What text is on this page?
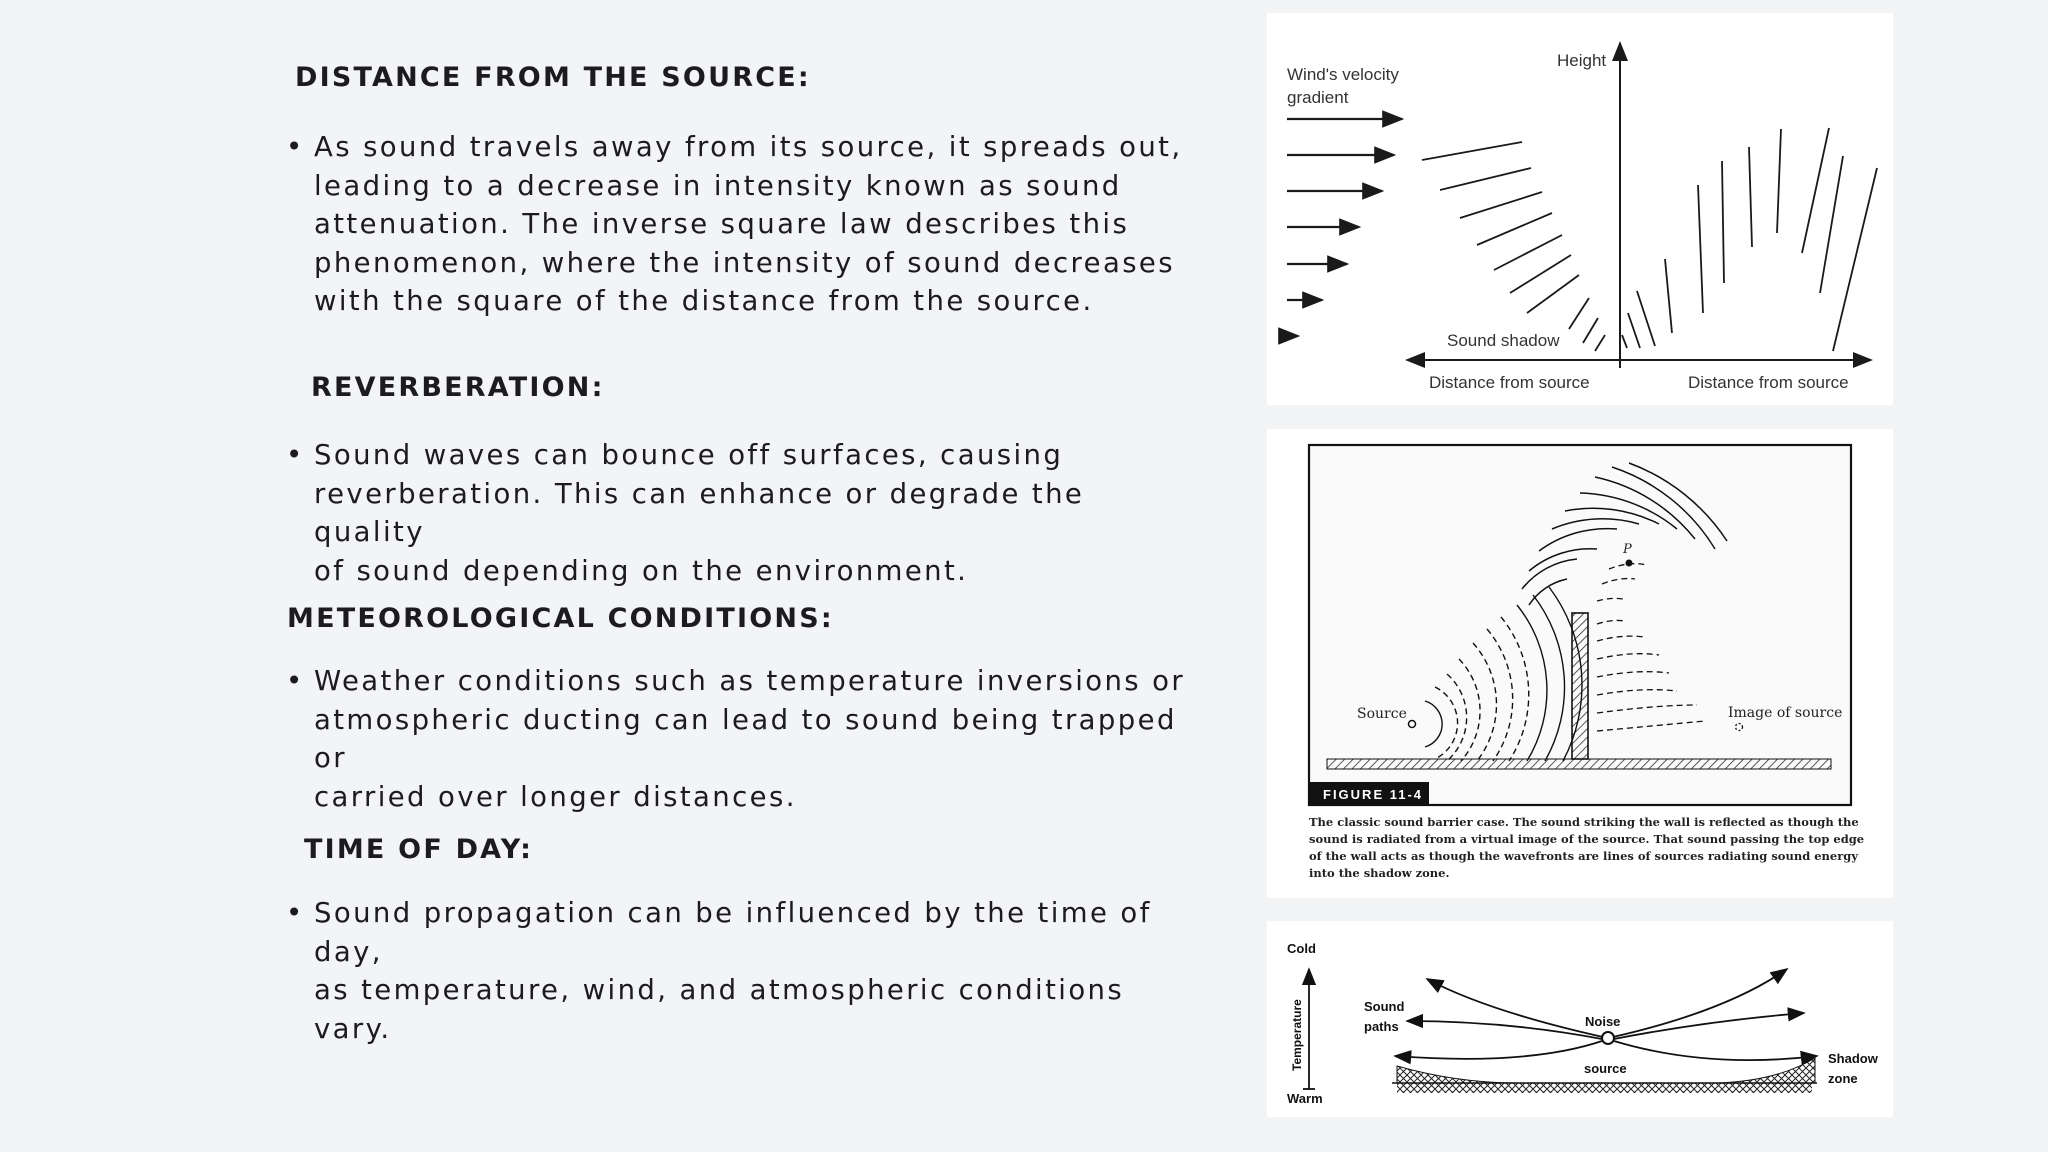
DISTANCE FROM THE SOURCE:
• As sound travels away from its source, it spreads out,
leading to a decrease in intensity known as sound
attenuation. The inverse square law describes this
phenomenon, where the intensity of sound decreases
with the square of the distance from the source.
REVERBERATION:
• Sound waves can bounce off surfaces, causing
reverberation. This can enhance or degrade the quality
of sound depending on the environment.
METEOROLOGICAL CONDITIONS:
• Weather conditions such as temperature inversions or
atmospheric ducting can lead to sound being trapped or
carried over longer distances.
TIME OF DAY:
• Sound propagation can be influenced by the time of day,
as temperature, wind, and atmospheric conditions vary.
Wind's velocity
gradient
Height
Sound shadow
Distance from source	Distance from source
Source	Image of source
P
FIGURE 11-4
The classic sound barrier case. The sound striking the wall is reflected as though the
sound is radiated from a virtual image of the source. That sound passing the top edge
of the wall acts as though the wavefronts are lines of sources radiating sound energy
into the shadow zone.
Cold
Warm
Temperature	Sound
paths	Noise
source
Shadow
zone
